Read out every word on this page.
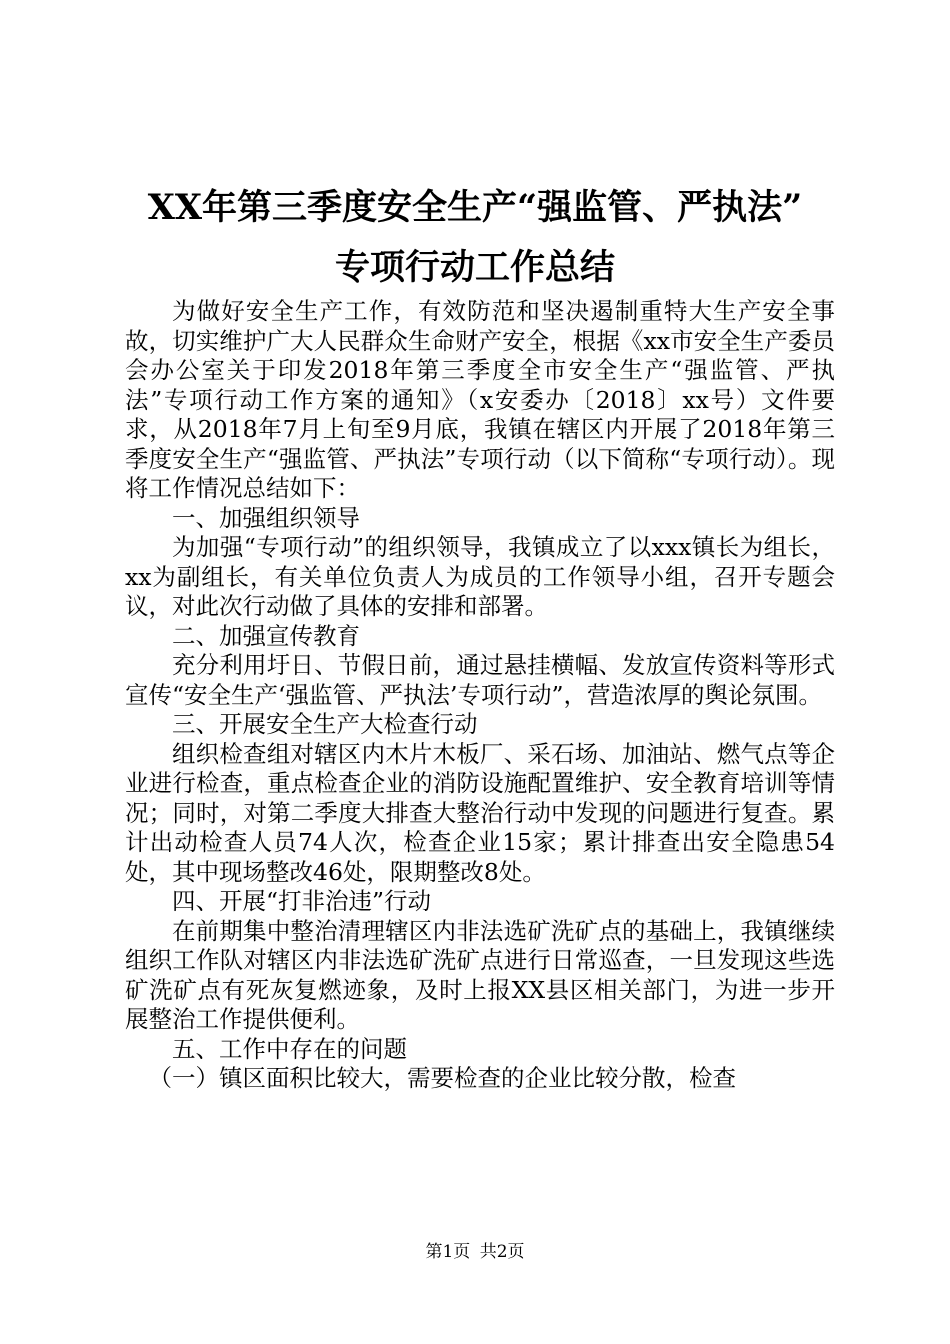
XX年第三季度安全生产“强监管、严执法”
专项行动工作总结

为做好安全生产工作，有效防范和坚决遏制重特大生产安全事故，切实维护广大人民群众生命财产安全，根据《xx市安全生产委员会办公室关于印发2018年第三季度全市安全生产“强监管、严执法”专项行动工作方案的通知》（x安委办〔2018〕xx号）文件要求，从2018年7月上旬至9月底，我镇在辖区内开展了2018年第三季度安全生产“强监管、严执法”专项行动（以下简称“专项行动）。现将工作情况总结如下：

一、加强组织领导

为加强“专项行动”的组织领导，我镇成立了以xxx镇长为组长，xx为副组长，有关单位负责人为成员的工作领导小组，召开专题会议，对此次行动做了具体的安排和部署。

二、加强宣传教育

充分利用圩日、节假日前，通过悬挂横幅、发放宣传资料等形式宣传“安全生产‘强监管、严执法’专项行动”，营造浓厚的舆论氛围。

三、开展安全生产大检查行动

组织检查组对辖区内木片木板厂、采石场、加油站、燃气点等企业进行检查，重点检查企业的消防设施配置维护、安全教育培训等情况；同时，对第二季度大排查大整治行动中发现的问题进行复查。累计出动检查人员74人次，检查企业15家；累计排查出安全隐患54处，其中现场整改46处，限期整改8处。

四、开展“打非治违”行动

在前期集中整治清理辖区内非法选矿洗矿点的基础上，我镇继续组织工作队对辖区内非法选矿洗矿点进行日常巡查，一旦发现这些选矿洗矿点有死灰复燃迹象，及时上报XX县区相关部门，为进一步开展整治工作提供便利。

五、工作中存在的问题

（一）镇区面积比较大，需要检查的企业比较分散，检查

第1页 共2页
